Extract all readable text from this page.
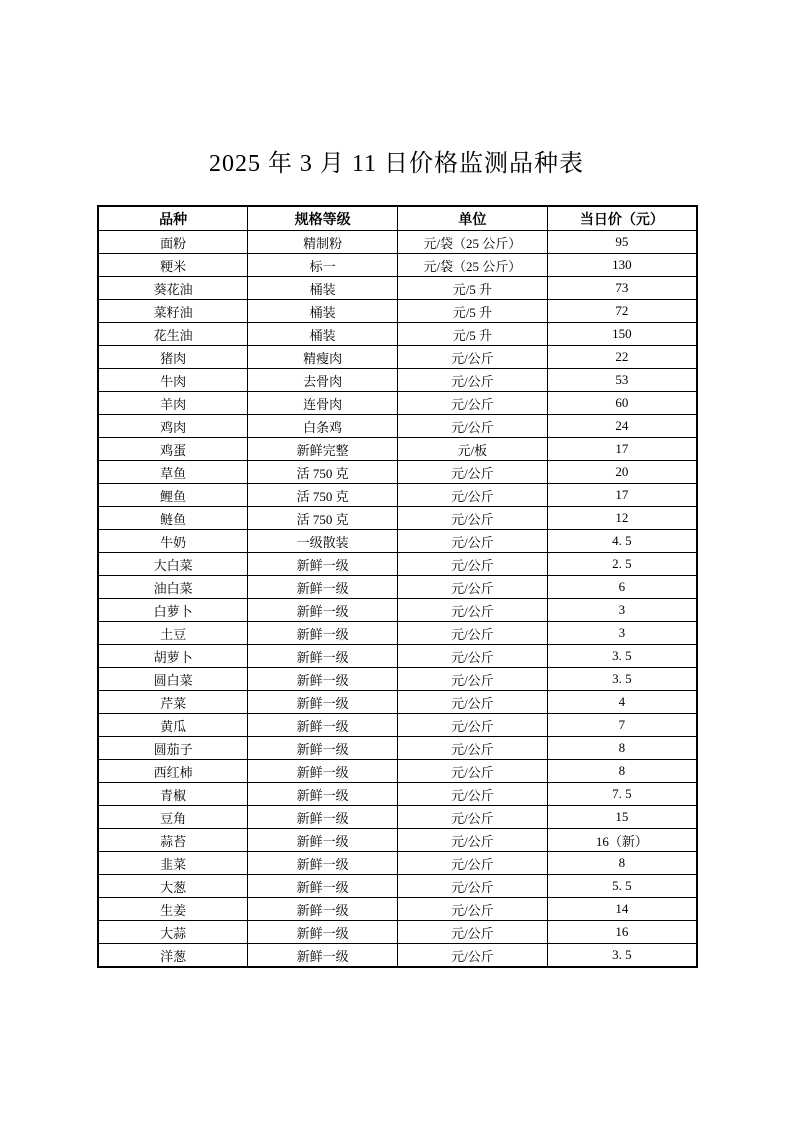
2025 年 3 月 11 日价格监测品种表
品种	规格等级	单位	当日价（元）
面粉	精制粉	元/袋（25 公斤）	95
粳米	标一	元/袋（25 公斤）	130
葵花油	桶装	元/5 升	73
菜籽油	桶装	元/5 升	72
花生油	桶装	元/5 升	150
猪肉	精瘦肉	元/公斤	22
牛肉	去骨肉	元/公斤	53
羊肉	连骨肉	元/公斤	60
鸡肉	白条鸡	元/公斤	24
鸡蛋	新鲜完整	元/板	17
草鱼	活 750 克	元/公斤	20
鲤鱼	活 750 克	元/公斤	17
鲢鱼	活 750 克	元/公斤	12
牛奶	一级散装	元/公斤	4. 5
大白菜	新鲜一级	元/公斤	2. 5
油白菜	新鲜一级	元/公斤	6
白萝卜	新鲜一级	元/公斤	3
土豆	新鲜一级	元/公斤	3
胡萝卜	新鲜一级	元/公斤	3. 5
圆白菜	新鲜一级	元/公斤	3. 5
芹菜	新鲜一级	元/公斤	4
黄瓜	新鲜一级	元/公斤	7
圆茄子	新鲜一级	元/公斤	8
西红柿	新鲜一级	元/公斤	8
青椒	新鲜一级	元/公斤	7. 5
豆角	新鲜一级	元/公斤	15
蒜苔	新鲜一级	元/公斤	16（新）
韭菜	新鲜一级	元/公斤	8
大葱	新鲜一级	元/公斤	5. 5
生姜	新鲜一级	元/公斤	14
大蒜	新鲜一级	元/公斤	16
洋葱	新鲜一级	元/公斤	3. 5
